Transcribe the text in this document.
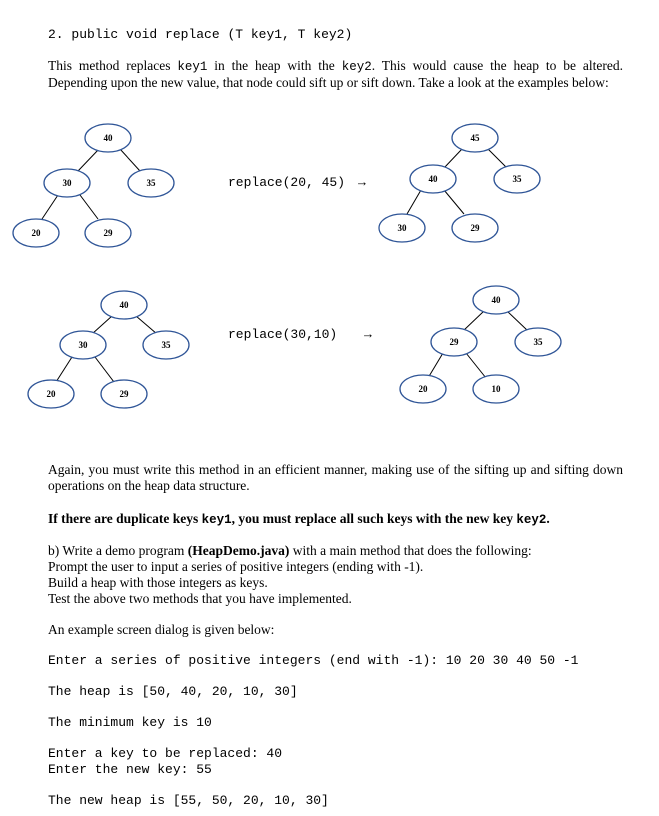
2. public void replace (T key1, T key2)
This method replaces key1 in the heap with the key2. This would cause the heap to be altered. Depending upon the new value, that node could sift up or sift down. Take a look at the examples below:
40
30	35
20	29
45
40	35
30	29
40
30	35
20	29
40
29	35
20	10
replace(20, 45) →
replace(30,10) →
Again, you must write this method in an efficient manner, making use of the sifting up and sifting down operations on the heap data structure.
If there are duplicate keys key1, you must replace all such keys with the new key key2.
b) Write a demo program (HeapDemo.java) with a main method that does the following:
Prompt the user to input a series of positive integers (ending with -1).
Build a heap with those integers as keys.
Test the above two methods that you have implemented.
An example screen dialog is given below:
Enter a series of positive integers (end with -1): 10 20 30 40 50 -1
The heap is [50, 40, 20, 10, 30]
The minimum key is 10
Enter a key to be replaced: 40
Enter the new key: 55
The new heap is [55, 50, 20, 10, 30]
